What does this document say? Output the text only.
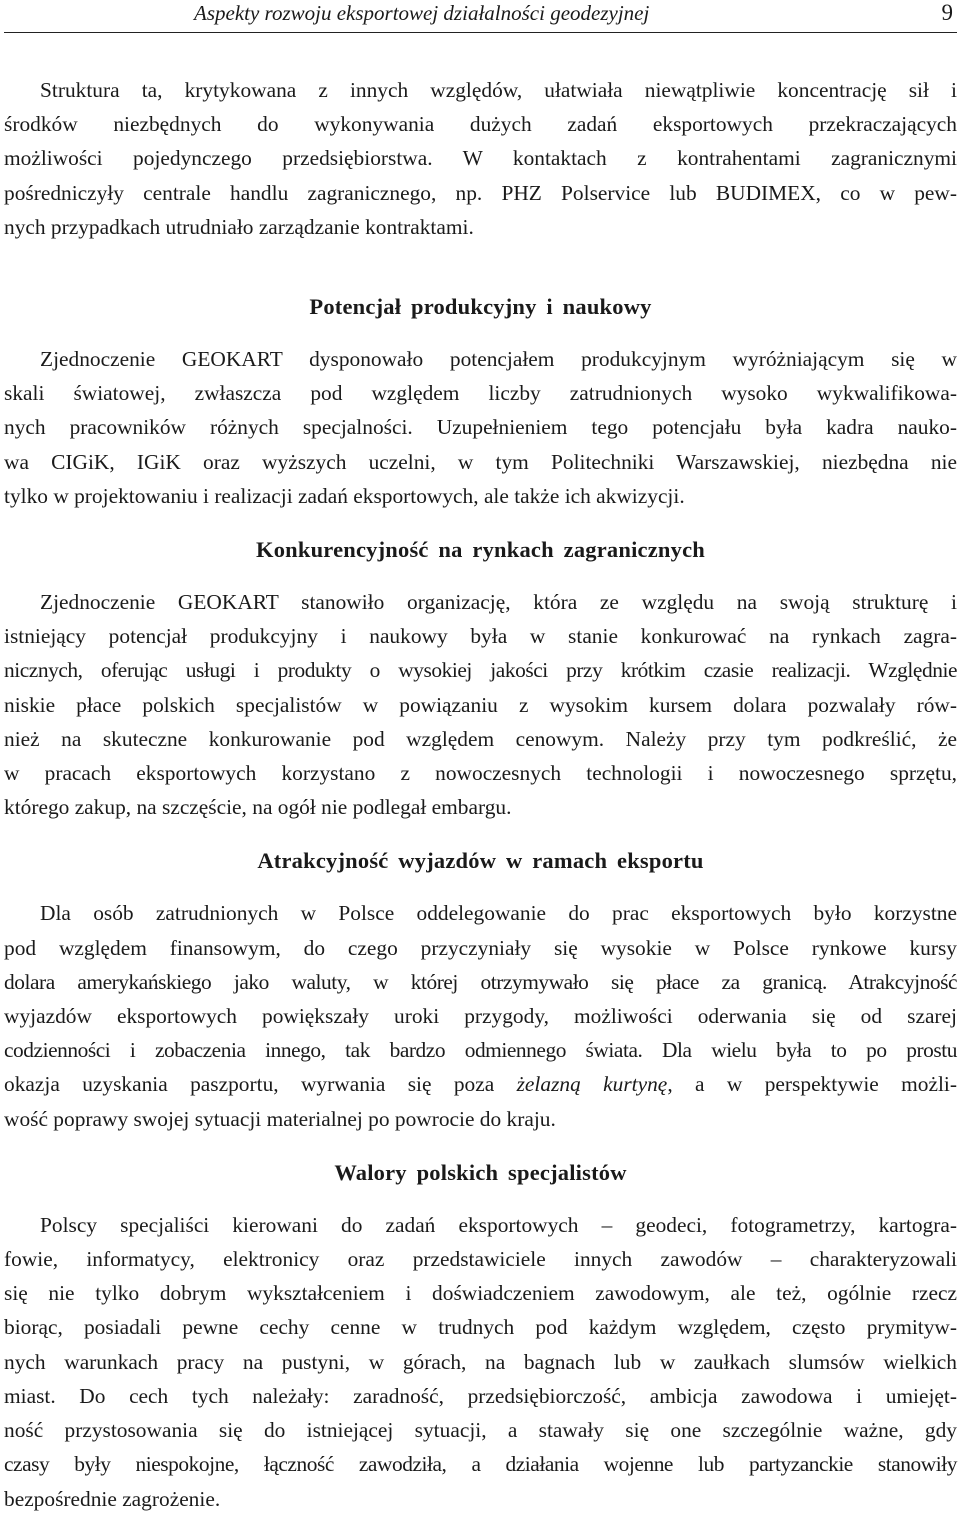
Aspekty rozwoju eksportowej działalności geodezyjnej	9

Struktura ta, krytykowana z innych względów, ułatwiała niewątpliwie koncentrację sił i
środków niezbędnych do wykonywania dużych zadań eksportowych przekraczających
możliwości pojedynczego przedsiębiorstwa. W kontaktach z kontrahentami zagranicznymi
pośredniczyły centrale handlu zagranicznego, np. PHZ Polservice lub BUDIMEX, co w pew-
nych przypadkach utrudniało zarządzanie kontraktami.

Potencjał produkcyjny i naukowy

Zjednoczenie GEOKART dysponowało potencjałem produkcyjnym wyróżniającym się w
skali światowej, zwłaszcza pod względem liczby zatrudnionych wysoko wykwalifikowa-
nych pracowników różnych specjalności. Uzupełnieniem tego potencjału była kadra nauko-
wa CIGiK, IGiK oraz wyższych uczelni, w tym Politechniki Warszawskiej, niezbędna nie
tylko w projektowaniu i realizacji zadań eksportowych, ale także ich akwizycji.

Konkurencyjność na rynkach zagranicznych

Zjednoczenie GEOKART stanowiło organizację, która ze względu na swoją strukturę i
istniejący potencjał produkcyjny i naukowy była w stanie konkurować na rynkach zagra-
nicznych, oferując usługi i produkty o wysokiej jakości przy krótkim czasie realizacji. Względnie
niskie płace polskich specjalistów w powiązaniu z wysokim kursem dolara pozwalały rów-
nież na skuteczne konkurowanie pod względem cenowym. Należy przy tym podkreślić, że
w pracach eksportowych korzystano z nowoczesnych technologii i nowoczesnego sprzętu,
którego zakup, na szczęście, na ogół nie podlegał embargu.

Atrakcyjność wyjazdów w ramach eksportu

Dla osób zatrudnionych w Polsce oddelegowanie do prac eksportowych było korzystne
pod względem finansowym, do czego przyczyniały się wysokie w Polsce rynkowe kursy
dolara amerykańskiego jako waluty, w której otrzymywało się płace za granicą. Atrakcyjność
wyjazdów eksportowych powiększały uroki przygody, możliwości oderwania się od szarej
codzienności i zobaczenia innego, tak bardzo odmiennego świata. Dla wielu była to po prostu
okazja uzyskania paszportu, wyrwania się poza żelazną kurtynę, a w perspektywie możli-
wość poprawy swojej sytuacji materialnej po powrocie do kraju.

Walory polskich specjalistów

Polscy specjaliści kierowani do zadań eksportowych – geodeci, fotogrametrzy, kartogra-
fowie, informatycy, elektronicy oraz przedstawiciele innych zawodów – charakteryzowali
się nie tylko dobrym wykształceniem i doświadczeniem zawodowym, ale też, ogólnie rzecz
biorąc, posiadali pewne cechy cenne w trudnych pod każdym względem, często prymityw-
nych warunkach pracy na pustyni, w górach, na bagnach lub w zaułkach slumsów wielkich
miast. Do cech tych należały: zaradność, przedsiębiorczość, ambicja zawodowa i umiejęt-
ność przystosowania się do istniejącej sytuacji, a stawały się one szczególnie ważne, gdy
czasy były niespokojne, łączność zawodziła, a działania wojenne lub partyzanckie stanowiły
bezpośrednie zagrożenie.
